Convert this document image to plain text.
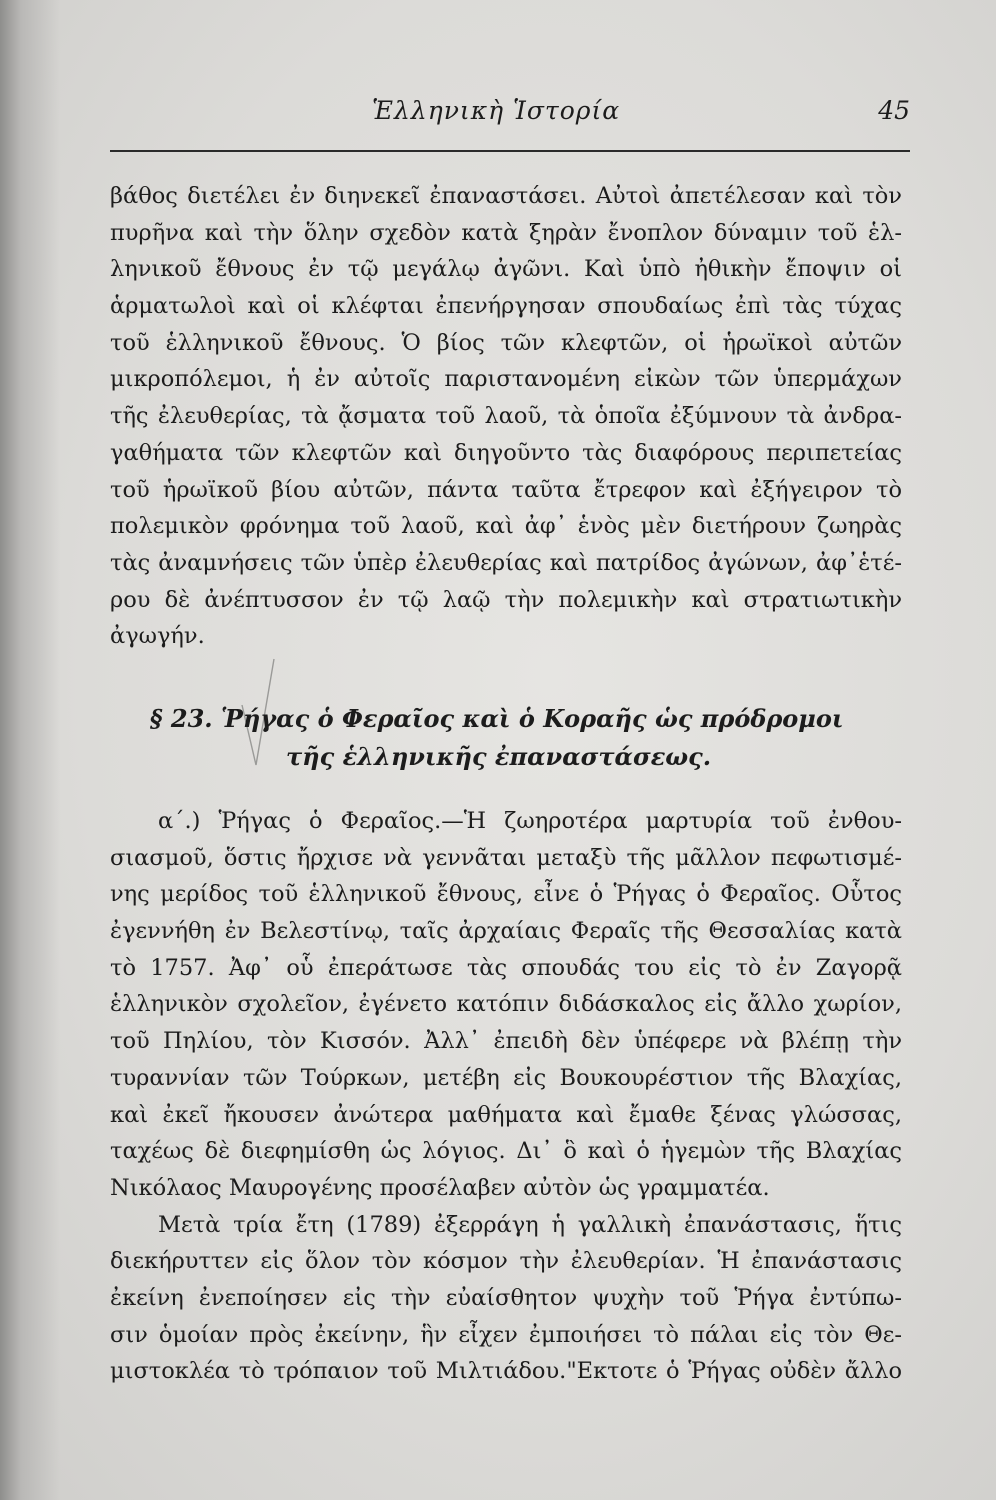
Ἑλληνικὴ Ἱστορία	45
βάθος διετέλει ἐν διηνεκεῖ ἐπαναστάσει. Αὐτοὶ ἀπετέλεσαν καὶ τὸν
πυρῆνα καὶ τὴν ὅλην σχεδὸν κατὰ ξηρὰν ἔνοπλον δύναμιν τοῦ ἑλ-
ληνικοῦ ἔθνους ἐν τῷ μεγάλῳ ἀγῶνι. Καὶ ὑπὸ ἠθικὴν ἔποψιν οἱ
ἁρματωλοὶ καὶ οἱ κλέφται ἐπενήργησαν σπουδαίως ἐπὶ τὰς τύχας
τοῦ ἑλληνικοῦ ἔθνους. Ὁ βίος τῶν κλεφτῶν, οἱ ἡρωϊκοὶ αὐτῶν
μικροπόλεμοι, ἡ ἐν αὐτοῖς παριστανομένη εἰκὼν τῶν ὑπερμάχων
τῆς ἐλευθερίας, τὰ ᾄσματα τοῦ λαοῦ, τὰ ὁποῖα ἐξύμνουν τὰ ἀνδρα-
γαθήματα τῶν κλεφτῶν καὶ διηγοῦντο τὰς διαφόρους περιπετείας
τοῦ ἡρωϊκοῦ βίου αὐτῶν, πάντα ταῦτα ἔτρεφον καὶ ἐξήγειρον τὸ
πολεμικὸν φρόνημα τοῦ λαοῦ, καὶ ἀφ᾽ ἑνὸς μὲν διετήρουν ζωηρὰς
τὰς ἀναμνήσεις τῶν ὑπὲρ ἐλευθερίας καὶ πατρίδος ἀγώνων, ἀφ᾽ἑτέ-
ρου δὲ ἀνέπτυσσον ἐν τῷ λαῷ τὴν πολεμικὴν καὶ στρατιωτικὴν
ἀγωγήν.
§ 23. Ῥήγας ὁ Φεραῖος καὶ ὁ Κοραῆς ὡς πρόδρομοι
τῆς ἑλληνικῆς ἐπαναστάσεως.
α΄.) Ῥήγας ὁ Φεραῖος.—Ἡ ζωηροτέρα μαρτυρία τοῦ ἐνθου-
σιασμοῦ, ὅστις ἤρχισε νὰ γεννᾶται μεταξὺ τῆς μᾶλλον πεφωτισμέ-
νης μερίδος τοῦ ἑλληνικοῦ ἔθνους, εἶνε ὁ Ῥήγας ὁ Φεραῖος. Οὗτος
ἐγεννήθη ἐν Βελεστίνῳ, ταῖς ἀρχαίαις Φεραῖς τῆς Θεσσαλίας κατὰ
τὸ 1757. Ἀφ᾽ οὗ ἐπεράτωσε τὰς σπουδάς του εἰς τὸ ἐν Ζαγορᾷ
ἑλληνικὸν σχολεῖον, ἐγένετο κατόπιν διδάσκαλος εἰς ἄλλο χωρίον,
τοῦ Πηλίου, τὸν Κισσόν. Ἀλλ᾽ ἐπειδὴ δὲν ὑπέφερε νὰ βλέπῃ τὴν
τυραννίαν τῶν Τούρκων, μετέβη εἰς Βουκουρέστιον τῆς Βλαχίας,
καὶ ἐκεῖ ἤκουσεν ἀνώτερα μαθήματα καὶ ἔμαθε ξένας γλώσσας,
ταχέως δὲ διεφημίσθη ὡς λόγιος. Δι᾽ ὃ καὶ ὁ ἡγεμὼν τῆς Βλαχίας
Νικόλαος Μαυρογένης προσέλαβεν αὐτὸν ὡς γραμματέα.
Μετὰ τρία ἔτη (1789) ἐξερράγη ἡ γαλλικὴ ἐπανάστασις, ἥτις
διεκήρυττεν εἰς ὅλον τὸν κόσμον τὴν ἐλευθερίαν. Ἡ ἐπανάστασις
ἐκείνη ἐνεποίησεν εἰς τὴν εὐαίσθητον ψυχὴν τοῦ Ῥήγα ἐντύπω-
σιν ὁμοίαν πρὸς ἐκείνην, ἣν εἶχεν ἐμποιήσει τὸ πάλαι εἰς τὸν Θε-
μιστοκλέα τὸ τρόπαιον τοῦ Μιλτιάδου."Εκτοτε ὁ Ῥήγας οὐδὲν ἄλλο
